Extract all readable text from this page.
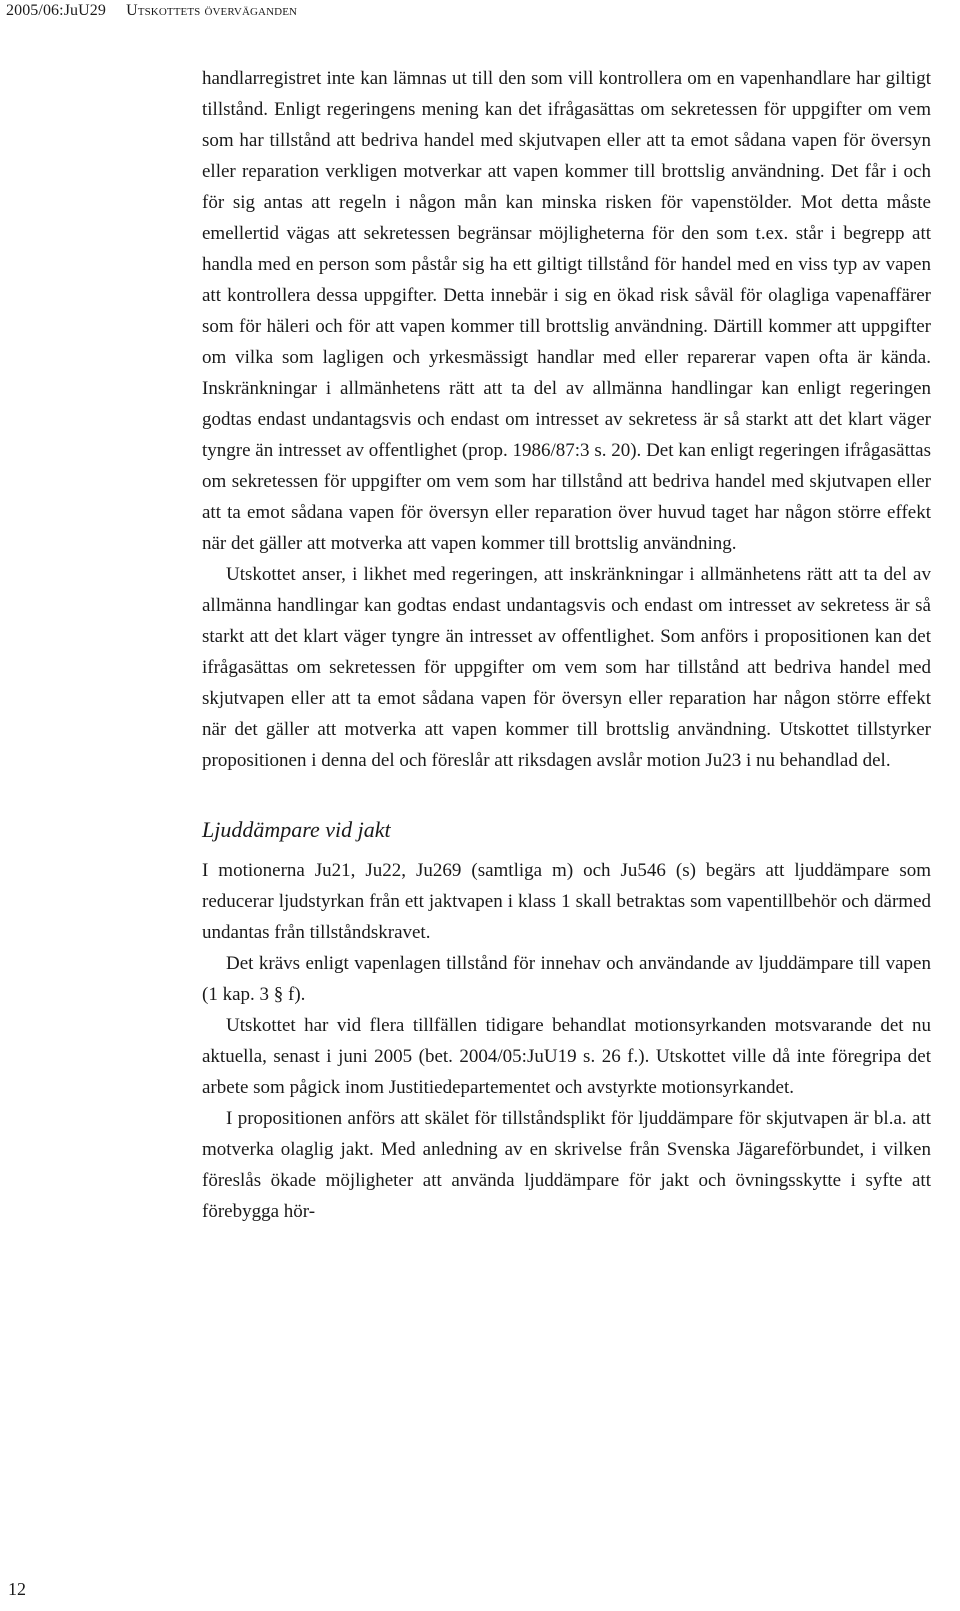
2005/06:JuU29 Utskottets överväganden

handlarregistret inte kan lämnas ut till den som vill kontrollera om en vapenhandlare har giltigt tillstånd. Enligt regeringens mening kan det ifrågasättas om sekretessen för uppgifter om vem som har tillstånd att bedriva handel med skjutvapen eller att ta emot sådana vapen för översyn eller reparation verkligen motverkar att vapen kommer till brottslig användning. Det får i och för sig antas att regeln i någon mån kan minska risken för vapenstölder. Mot detta måste emellertid vägas att sekretessen begränsar möjligheterna för den som t.ex. står i begrepp att handla med en person som påstår sig ha ett giltigt tillstånd för handel med en viss typ av vapen att kontrollera dessa uppgifter. Detta innebär i sig en ökad risk såväl för olagliga vapenaffärer som för häleri och för att vapen kommer till brottslig användning. Därtill kommer att uppgifter om vilka som lagligen och yrkesmässigt handlar med eller reparerar vapen ofta är kända. Inskränkningar i allmänhetens rätt att ta del av allmänna handlingar kan enligt regeringen godtas endast undantagsvis och endast om intresset av sekretess är så starkt att det klart väger tyngre än intresset av offentlighet (prop. 1986/87:3 s. 20). Det kan enligt regeringen ifrågasättas om sekretessen för uppgifter om vem som har tillstånd att bedriva handel med skjutvapen eller att ta emot sådana vapen för översyn eller reparation över huvud taget har någon större effekt när det gäller att motverka att vapen kommer till brottslig användning.

Utskottet anser, i likhet med regeringen, att inskränkningar i allmänhetens rätt att ta del av allmänna handlingar kan godtas endast undantagsvis och endast om intresset av sekretess är så starkt att det klart väger tyngre än intresset av offentlighet. Som anförs i propositionen kan det ifrågasättas om sekretessen för uppgifter om vem som har tillstånd att bedriva handel med skjutvapen eller att ta emot sådana vapen för översyn eller reparation har någon större effekt när det gäller att motverka att vapen kommer till brottslig användning. Utskottet tillstyrker propositionen i denna del och föreslår att riksdagen avslår motion Ju23 i nu behandlad del.

Ljuddämpare vid jakt

I motionerna Ju21, Ju22, Ju269 (samtliga m) och Ju546 (s) begärs att ljuddämpare som reducerar ljudstyrkan från ett jaktvapen i klass 1 skall betraktas som vapentillbehör och därmed undantas från tillståndskravet.

Det krävs enligt vapenlagen tillstånd för innehav och användande av ljuddämpare till vapen (1 kap. 3 § f).

Utskottet har vid flera tillfällen tidigare behandlat motionsyrkanden motsvarande det nu aktuella, senast i juni 2005 (bet. 2004/05:JuU19 s. 26 f.). Utskottet ville då inte föregripa det arbete som pågick inom Justitiedepartementet och avstyrkte motionsyrkandet.

I propositionen anförs att skälet för tillståndsplikt för ljuddämpare för skjutvapen är bl.a. att motverka olaglig jakt. Med anledning av en skrivelse från Svenska Jägareförbundet, i vilken föreslås ökade möjligheter att använda ljuddämpare för jakt och övningsskytte i syfte att förebygga hör-

12
